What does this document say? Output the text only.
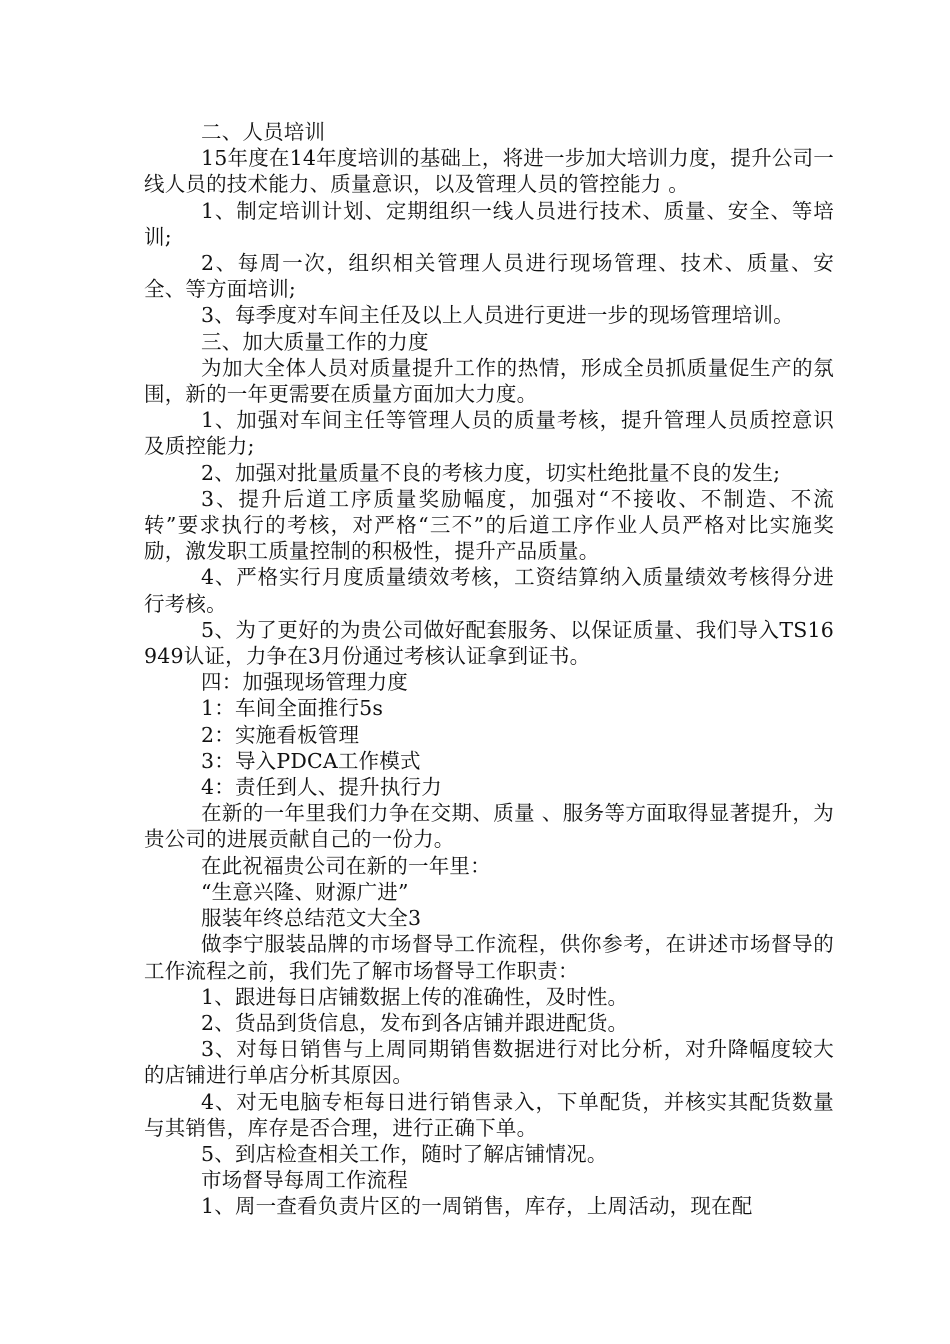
二、人员培训

15年度在14年度培训的基础上，将进一步加大培训力度，提升公司一线人员的技术能力、质量意识，以及管理人员的管控能力 。

1、制定培训计划、定期组织一线人员进行技术、质量、安全、等培训;

2、每周一次，组织相关管理人员进行现场管理、技术、质量、安全、等方面培训;

3、每季度对车间主任及以上人员进行更进一步的现场管理培训。

三、加大质量工作的力度

为加大全体人员对质量提升工作的热情，形成全员抓质量促生产的氛围，新的一年更需要在质量方面加大力度。

1、加强对车间主任等管理人员的质量考核，提升管理人员质控意识及质控能力;

2、加强对批量质量不良的考核力度，切实杜绝批量不良的发生;

3、提升后道工序质量奖励幅度，加强对“不接收、不制造、不流转”要求执行的考核，对严格“三不”的后道工序作业人员严格对比实施奖励，激发职工质量控制的积极性，提升产品质量。

4、严格实行月度质量绩效考核，工资结算纳入质量绩效考核得分进行考核。

5、为了更好的为贵公司做好配套服务、以保证质量、我们导入TS16949认证，力争在3月份通过考核认证拿到证书。

四：加强现场管理力度

1：车间全面推行5s

2：实施看板管理

3：导入PDCA工作模式

4：责任到人、提升执行力

在新的一年里我们力争在交期、质量 、服务等方面取得显著提升，为贵公司的进展贡献自己的一份力。

在此祝福贵公司在新的一年里：

“生意兴隆、财源广进”

服装年终总结范文大全3

做李宁服装品牌的市场督导工作流程，供你参考，在讲述市场督导的工作流程之前，我们先了解市场督导工作职责：

1、跟进每日店铺数据上传的准确性，及时性。

2、货品到货信息，发布到各店铺并跟进配货。

3、对每日销售与上周同期销售数据进行对比分析，对升降幅度较大的店铺进行单店分析其原因。

4、对无电脑专柜每日进行销售录入，下单配货，并核实其配货数量与其销售，库存是否合理，进行正确下单。

5、到店检查相关工作，随时了解店铺情况。

市场督导每周工作流程

1、周一查看负责片区的一周销售，库存，上周活动，现在配
